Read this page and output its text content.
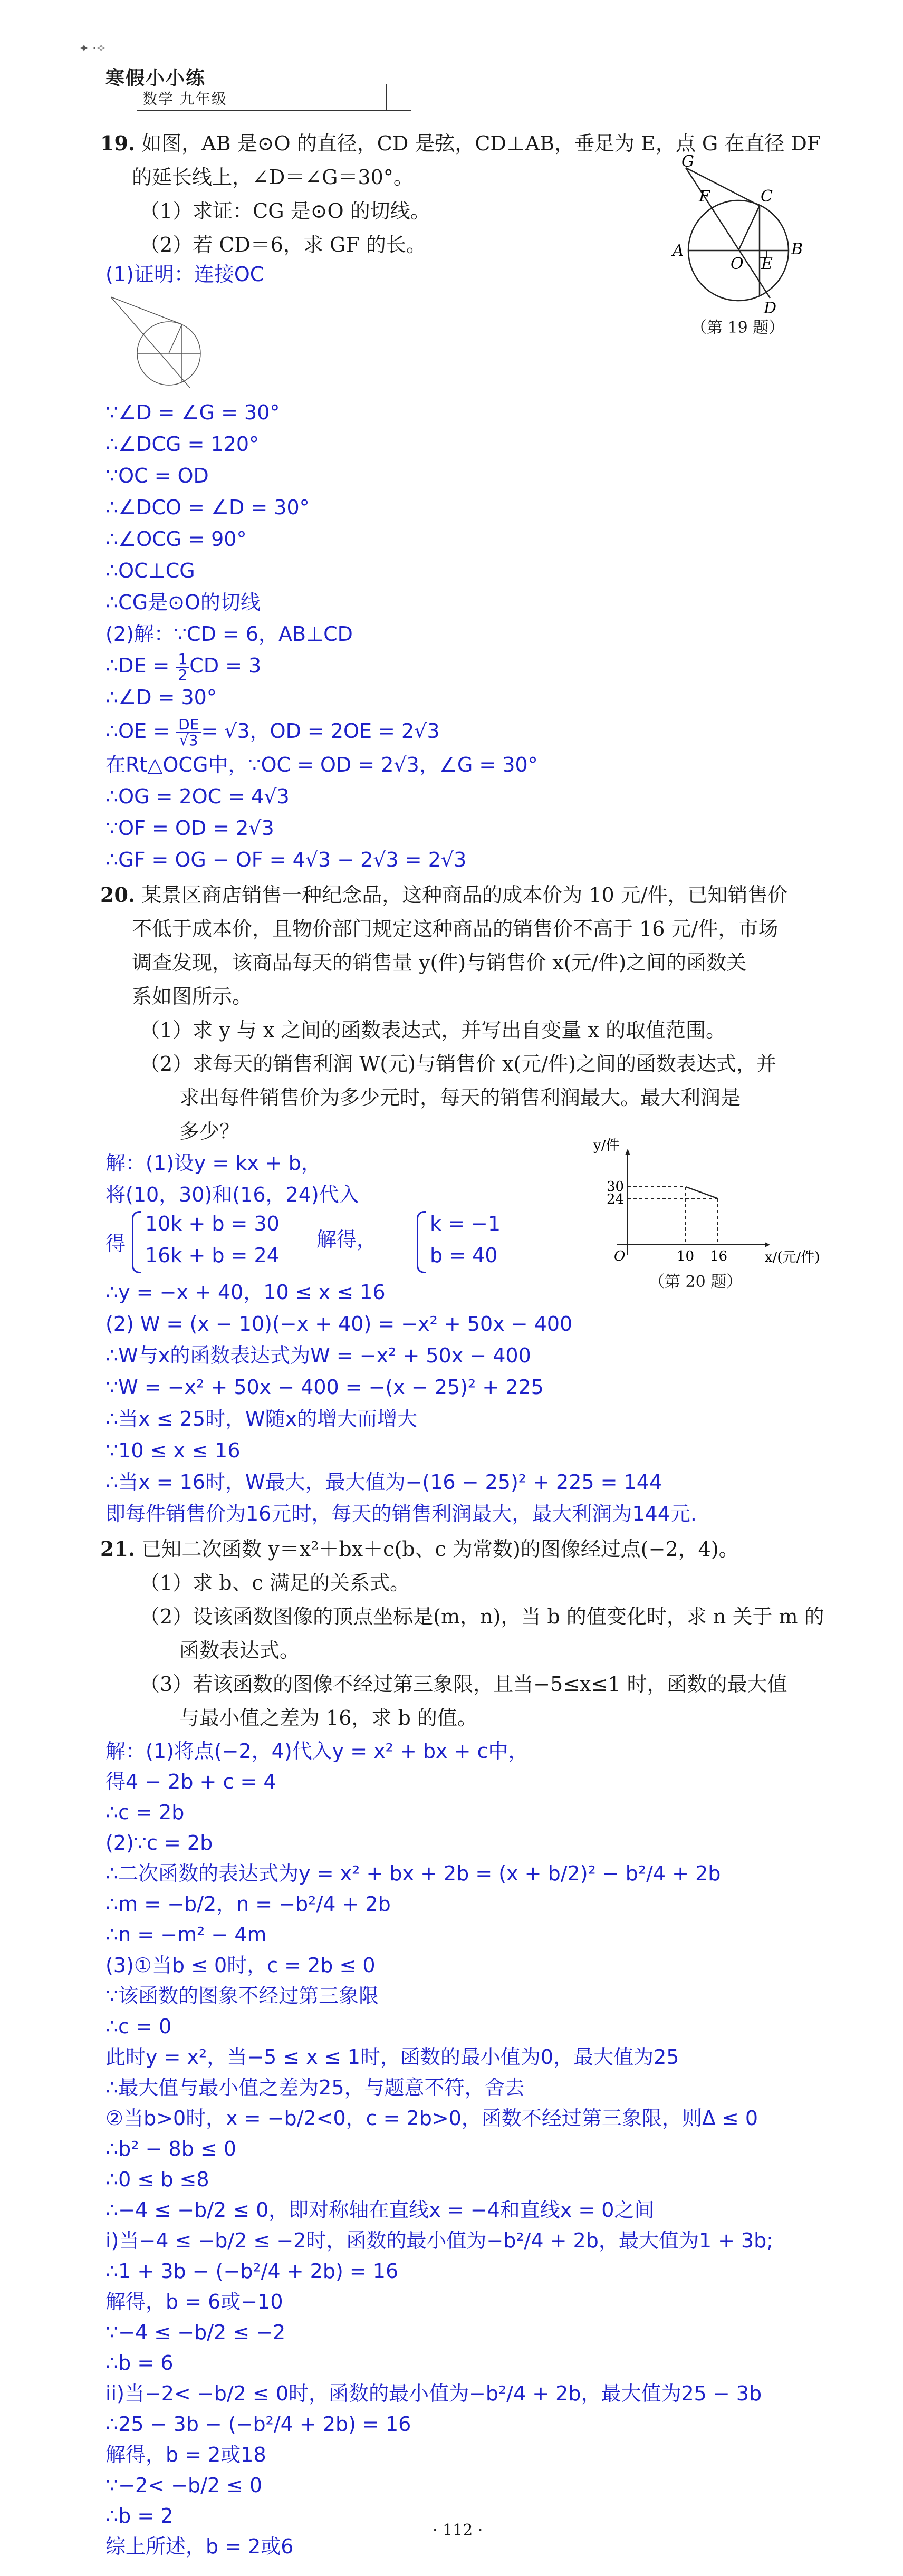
✦ ·✧
寒假小小练
数学 九年级
19. 如图，AB 是⊙O 的直径，CD 是弦，CD⊥AB，垂足为 E，点 G 在直径 DF
的延长线上，∠D＝∠G＝30°。
（1）求证：CG 是⊙O 的切线。
（2）若 CD＝6，求 GF 的长。
G
F	C
A
O E
B
D
（第 19 题）
(1)证明：连接OC
∵∠D = ∠G = 30°
∴∠DCG = 120°
∵OC = OD
∴∠DCO = ∠D = 30°
∴∠OCG = 90°
∴OC⊥CG
∴CG是⊙O的切线
(2)解：∵CD = 6，AB⊥CD
∴DE = $\frac{1}{2}$ CD = 3
∴∠D = 30°
∴OE = $\frac{DE}{√3} = √3$，OD = 2OE = 2√3
在Rt△OCG中，∵OC = OD = 2√3，∠G = 30°
∴OG = 2OC = 4√3
∵OF = OD = 2√3
∴GF = OG − OF = 4√3 − 2√3 = 2√3
20. 某景区商店销售一种纪念品，这种商品的成本价为 10 元/件，已知销售价
不低于成本价，且物价部门规定这种商品的销售价不高于 16 元/件，市场
调查发现，该商品每天的销售量 y(件)与销售价 x(元/件)之间的函数关
系如图所示。
（1）求 y 与 x 之间的函数表达式，并写出自变量 x 的取值范围。
（2）求每天的销售利润 W(元)与销售价 x(元/件)之间的函数表达式，并
求出每件销售价为多少元时，每天的销售利润最大。最大利润是
多少？
解：(1)设y = kx + b，
将(10，30)和(16，24)代入
得
10k + b = 30
16k + b = 24
解得，
k = −1
b = 40
y/件
x/(元/件)
O
30
24
10 16
（第 20 题）
∴y = −x + 40，10 ≤ x ≤ 16
(2) W = (x − 10)(−x + 40) = −x² + 50x − 400
∴W与x的函数表达式为W = −x² + 50x − 400
∵W = −x² + 50x − 400 = −(x − 25)² + 225
∴当x ≤ 25时，W随x的增大而增大
∵10 ≤ x ≤ 16
∴当x = 16时，W最大，最大值为−(16 − 25)² + 225 = 144
即每件销售价为16元时，每天的销售利润最大，最大利润为144元.
21. 已知二次函数 y＝x²＋bx＋c(b、c 为常数)的图像经过点(−2，4)。
（1）求 b、c 满足的关系式。
（2）设该函数图像的顶点坐标是(m，n)，当 b 的值变化时，求 n 关于 m 的
函数表达式。
（3）若该函数的图像不经过第三象限，且当−5≤x≤1 时，函数的最大值
与最小值之差为 16，求 b 的值。
解：(1)将点(−2，4)代入y = x² + bx + c中，
得4 − 2b + c = 4
∴c = 2b
(2)∵c = 2b
∴二次函数的表达式为y = x² + bx + 2b = (x + b/2)² − b²/4 + 2b
∴m = −b/2，n = −b²/4 + 2b
∴n = −m² − 4m
(3)①当b ≤ 0时，c = 2b ≤ 0
∵该函数的图象不经过第三象限
∴c = 0
此时y = x²，当−5 ≤ x ≤ 1时，函数的最小值为0，最大值为25
∴最大值与最小值之差为25，与题意不符，舍去
②当b>0时，x = −b/2<0，c = 2b>0，函数不经过第三象限，则Δ ≤ 0
∴b² − 8b ≤ 0
∴0 ≤ b ≤8
∴−4 ≤ −b/2 ≤ 0，即对称轴在直线x = −4和直线x = 0之间
i)当−4 ≤ −b/2 ≤ −2时，函数的最小值为−b²/4 + 2b，最大值为1 + 3b;
∴1 + 3b − (−b²/4 + 2b) = 16
解得，b = 6或−10
∵−4 ≤ −b/2 ≤ −2
∴b = 6
ii)当−2< −b/2 ≤ 0时，函数的最小值为−b²/4 + 2b，最大值为25 − 3b
∴25 − 3b − (−b²/4 + 2b) = 16
解得，b = 2或18
∵−2< −b/2 ≤ 0
∴b = 2
综上所述，b = 2或6
· 112 ·
